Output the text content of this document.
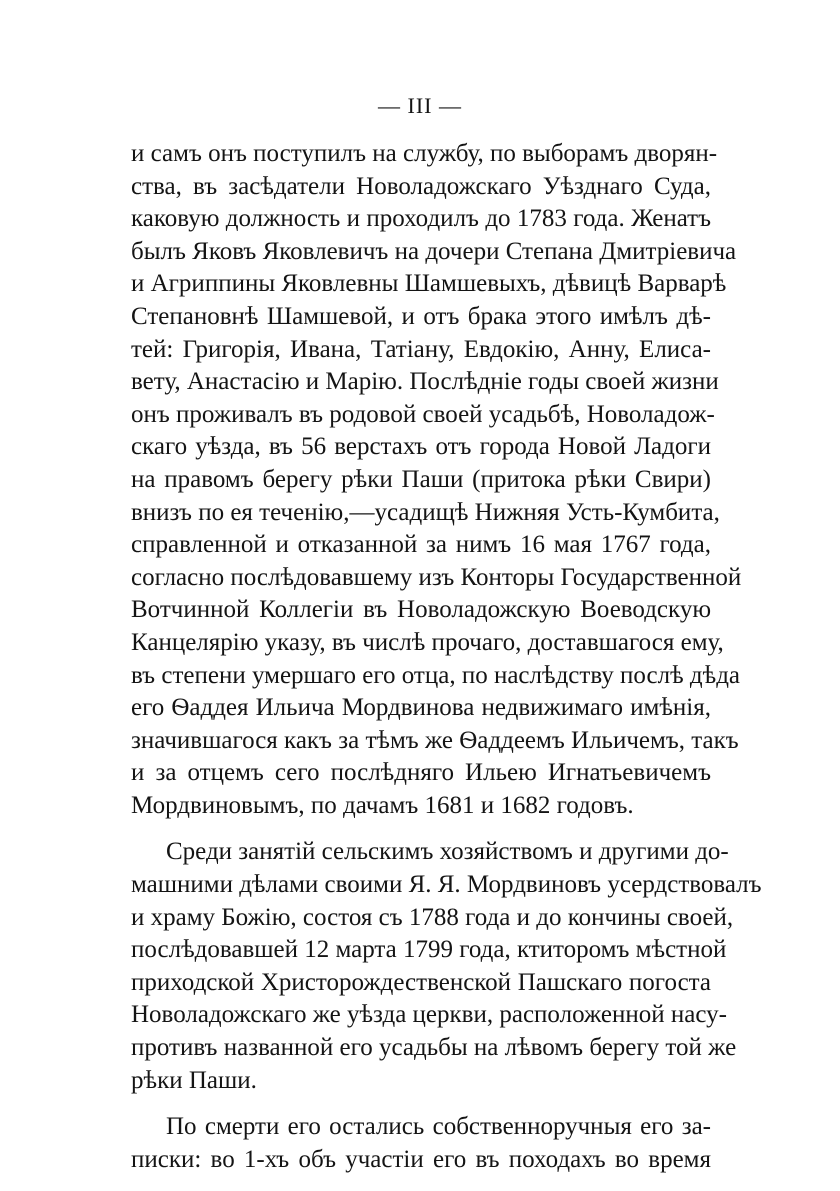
— III —
и самъ онъ поступилъ на службу, по выборамъ дворян-
ства, въ засѣдатели Новоладожскаго Уѣзднаго Суда,
каковую должность и проходилъ до 1783 года. Женатъ
былъ Яковъ Яковлевичъ на дочери Степана Дмитріевича
и Агриппины Яковлевны Шамшевыхъ, дѣвицѣ Варварѣ
Степановнѣ Шамшевой, и отъ брака этого имѣлъ дѣ-
тей: Григорія, Ивана, Татіану, Евдокію, Анну, Елиса-
вету, Анастасію и Марію. Послѣдніе годы своей жизни
онъ проживалъ въ родовой своей усадьбѣ, Новоладож-
скаго уѣзда, въ 56 верстахъ отъ города Новой Ладоги
на правомъ берегу рѣки Паши (притока рѣки Свири)
внизъ по ея теченію,—усадищѣ Нижняя Усть-Кумбита,
справленной и отказанной за нимъ 16 мая 1767 года,
согласно послѣдовавшему изъ Конторы Государственной
Вотчинной Коллегіи въ Новоладожскую Воеводскую
Канцелярію указу, въ числѣ прочаго, доставшагося ему,
въ степени умершаго его отца, по наслѣдству послѣ дѣда
его Ѳаддея Ильича Мордвинова недвижимаго имѣнія,
значившагося какъ за тѣмъ же Ѳаддеемъ Ильичемъ, такъ
и за отцемъ сего послѣдняго Ильею Игнатьевичемъ
Мордвиновымъ, по дачамъ 1681 и 1682 годовъ.
Среди занятій сельскимъ хозяйствомъ и другими до-
машними дѣлами своими Я. Я. Мордвиновъ усердствовалъ
и храму Божію, состоя съ 1788 года и до кончины своей,
послѣдовавшей 12 марта 1799 года, ктиторомъ мѣстной
приходской Христорождественской Пашскаго погоста
Новоладожскаго же уѣзда церкви, расположенной насу-
противъ названной его усадьбы на лѣвомъ берегу той же
рѣки Паши.
По смерти его остались собственноручныя его за-
писки: во 1-хъ объ участіи его въ походахъ во время
